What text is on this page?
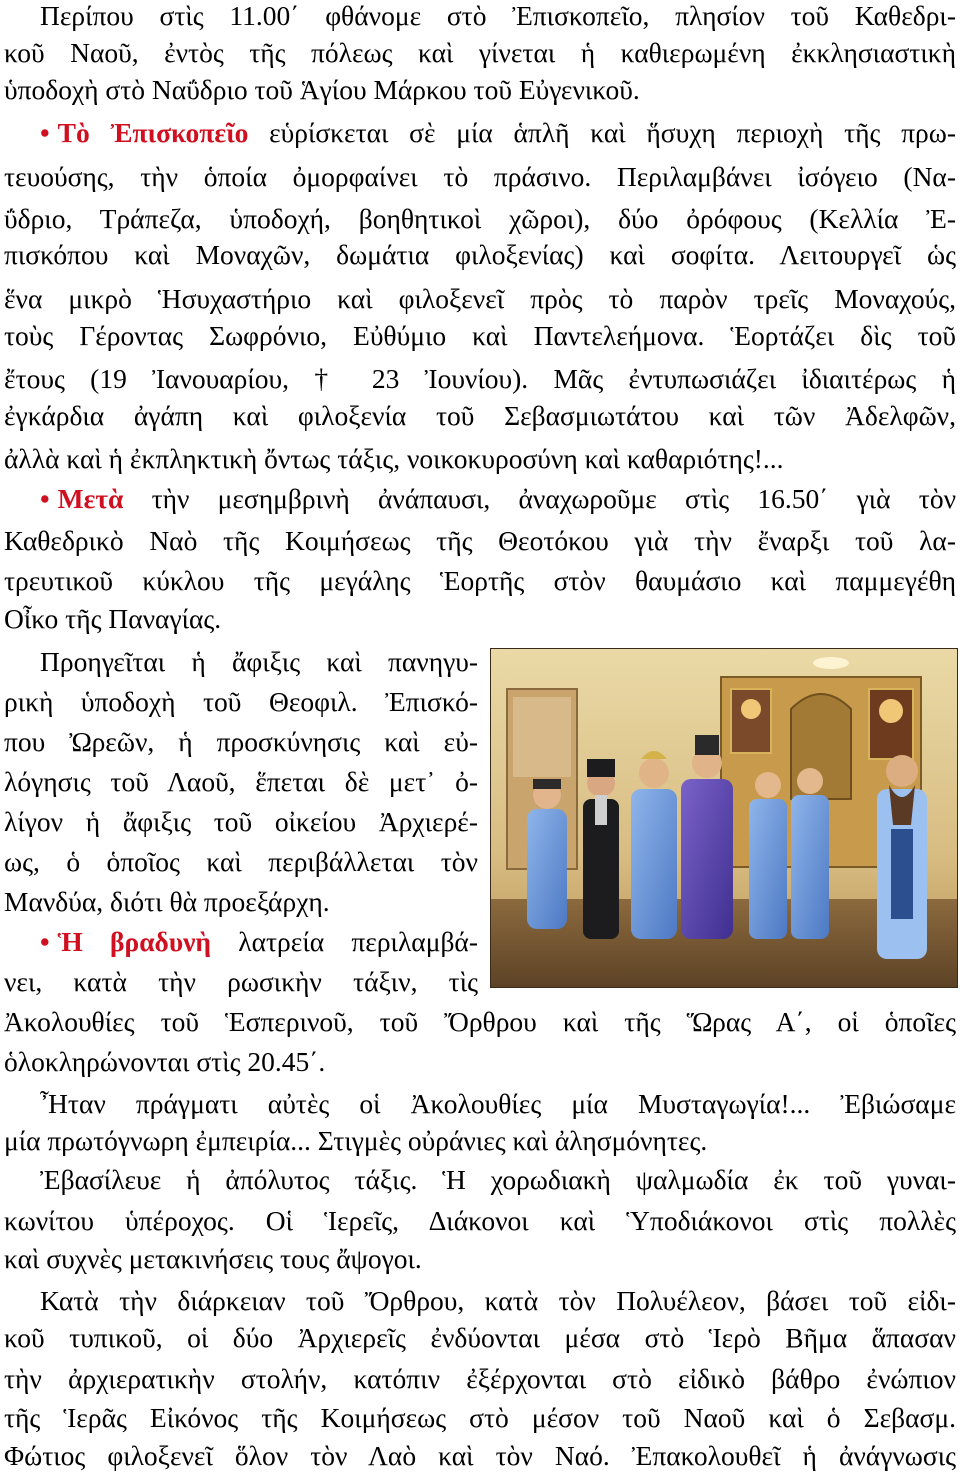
Περίπου στὶς 11.00΄ φθάνομε στὸ Ἐπισκοπεῖο, πλησίον τοῦ Καθεδρι-
κοῦ Ναοῦ, ἐντὸς τῆς πόλεως καὶ γίνεται ἡ καθιερωμένη ἐκκλησιαστικὴ
ὑποδοχὴ στὸ Ναΰδριο τοῦ Ἁγίου Μάρκου τοῦ Εὐγενικοῦ.
• Τὸ Ἐπισκοπεῖο εὑρίσκεται σὲ μία ἁπλῆ καὶ ἥσυχη περιοχὴ τῆς πρω-
τευούσης, τὴν ὁποία ὀμορφαίνει τὸ πράσινο. Περιλαμβάνει ἰσόγειο (Να-
ΰδριο, Τράπεζα, ὑποδοχή, βοηθητικοὶ χῶροι), δύο ὀρόφους (Κελλία Ἐ-
πισκόπου καὶ Μοναχῶν, δωμάτια φιλοξενίας) καὶ σοφίτα. Λειτουργεῖ ὡς
ἕνα μικρὸ Ἡσυχαστήριο καὶ φιλοξενεῖ πρὸς τὸ παρὸν τρεῖς Μοναχούς,
τοὺς Γέροντας Σωφρόνιο, Εὐθύμιο καὶ Παντελεήμονα. Ἑορτάζει δὶς τοῦ
ἔτους (19 Ἰανουαρίου, † 23 Ἰουνίου). Μᾶς ἐντυπωσιάζει ἰδιαιτέρως ἡ
ἐγκάρδια ἀγάπη καὶ φιλοξενία τοῦ Σεβασμιωτάτου καὶ τῶν Ἀδελφῶν,
ἀλλὰ καὶ ἡ ἐκπληκτικὴ ὄντως τάξις, νοικοκυροσύνη καὶ καθαριότης!...
• Μετὰ τὴν μεσημβρινὴ ἀνάπαυσι, ἀναχωροῦμε στὶς 16.50΄ γιὰ τὸν
Καθεδρικὸ Ναὸ τῆς Κοιμήσεως τῆς Θεοτόκου γιὰ τὴν ἔναρξι τοῦ λα-
τρευτικοῦ κύκλου τῆς μεγάλης Ἑορτῆς στὸν θαυμάσιο καὶ παμμεγέθη
Οἶκο τῆς Παναγίας.
Προηγεῖται ἡ ἄφιξις καὶ πανηγυ-
ρικὴ ὑποδοχὴ τοῦ Θεοφιλ. Ἐπισκό-
που Ὠρεῶν, ἡ προσκύνησις καὶ εὐ-
λόγησις τοῦ Λαοῦ, ἕπεται δὲ μετ᾽ ὀ-
λίγον ἡ ἄφιξις τοῦ οἰκείου Ἀρχιερέ-
ως, ὁ ὁποῖος καὶ περιβάλλεται τὸν
Μανδύα, διότι θὰ προεξάρχη.
• Ἡ βραδυνὴ λατρεία περιλαμβά-
νει, κατὰ τὴν ρωσικὴν τάξιν, τὶς
Ἀκολουθίες τοῦ Ἑσπερινοῦ, τοῦ Ὄρθρου καὶ τῆς Ὥρας Α΄, οἱ ὁποῖες
ὁλοκληρώνονται στὶς 20.45΄.
Ἦταν πράγματι αὐτὲς οἱ Ἀκολουθίες μία Μυσταγωγία!... Ἐβιώσαμε
μία πρωτόγνωρη ἐμπειρία... Στιγμὲς οὐράνιες καὶ ἀλησμόνητες.
Ἐβασίλευε ἡ ἀπόλυτος τάξις. Ἡ χορωδιακὴ ψαλμωδία ἐκ τοῦ γυναι-
κωνίτου ὑπέροχος. Οἱ Ἱερεῖς, Διάκονοι καὶ Ὑποδιάκονοι στὶς πολλὲς
καὶ συχνὲς μετακινήσεις τους ἄψογοι.
Κατὰ τὴν διάρκειαν τοῦ Ὄρθρου, κατὰ τὸν Πολυέλεον, βάσει τοῦ εἰδι-
κοῦ τυπικοῦ, οἱ δύο Ἀρχιερεῖς ἐνδύονται μέσα στὸ Ἱερὸ Βῆμα ἅπασαν
τὴν ἀρχιερατικὴν στολήν, κατόπιν ἐξέρχονται στὸ εἰδικὸ βάθρο ἐνώπιον
τῆς Ἱερᾶς Εἰκόνος τῆς Κοιμήσεως στὸ μέσον τοῦ Ναοῦ καὶ ὁ Σεβασμ.
Φώτιος φιλοξενεῖ ὅλον τὸν Λαὸ καὶ τὸν Ναό. Ἐπακολουθεῖ ἡ ἀνάγνωσις
